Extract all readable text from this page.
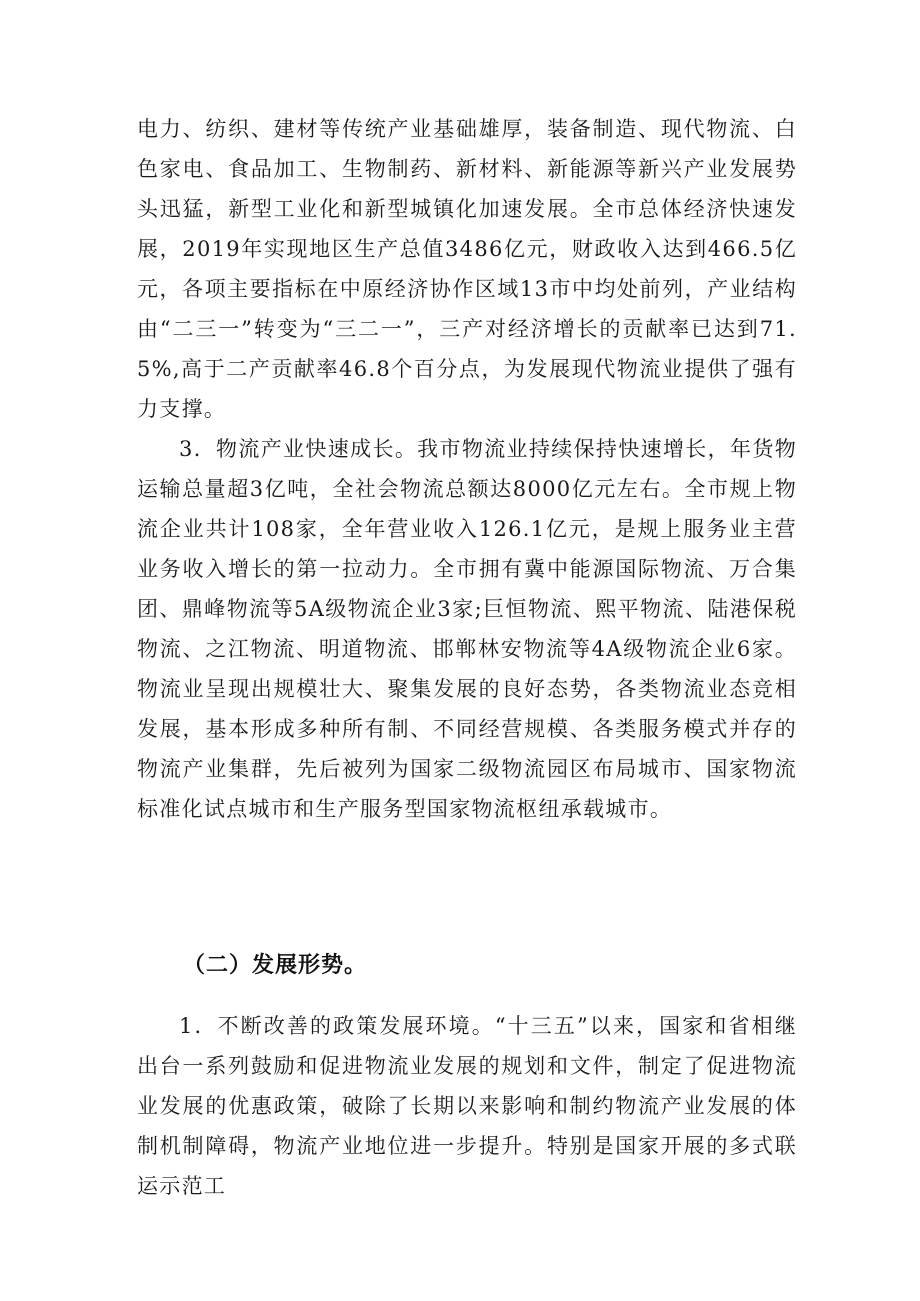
电力、纺织、建材等传统产业基础雄厚，装备制造、现代物流、白色家电、食品加工、生物制药、新材料、新能源等新兴产业发展势头迅猛，新型工业化和新型城镇化加速发展。全市总体经济快速发展，2019年实现地区生产总值3486亿元，财政收入达到466.5亿元，各项主要指标在中原经济协作区域13市中均处前列，产业结构由“二三一”转变为“三二一”，三产对经济增长的贡献率已达到71.5%,高于二产贡献率46.8个百分点，为发展现代物流业提供了强有力支撑。

3．物流产业快速成长。我市物流业持续保持快速增长，年货物运输总量超3亿吨，全社会物流总额达8000亿元左右。全市规上物流企业共计108家，全年营业收入126.1亿元，是规上服务业主营业务收入增长的第一拉动力。全市拥有冀中能源国际物流、万合集团、鼎峰物流等5A级物流企业3家;巨恒物流、熙平物流、陆港保税物流、之江物流、明道物流、邯郸林安物流等4A级物流企业6家。物流业呈现出规模壮大、聚集发展的良好态势，各类物流业态竞相发展，基本形成多种所有制、不同经营规模、各类服务模式并存的物流产业集群，先后被列为国家二级物流园区布局城市、国家物流标准化试点城市和生产服务型国家物流枢纽承载城市。

（二）发展形势。

1．不断改善的政策发展环境。“十三五”以来，国家和省相继出台一系列鼓励和促进物流业发展的规划和文件，制定了促进物流业发展的优惠政策，破除了长期以来影响和制约物流产业发展的体制机制障碍，物流产业地位进一步提升。特别是国家开展的多式联运示范工
